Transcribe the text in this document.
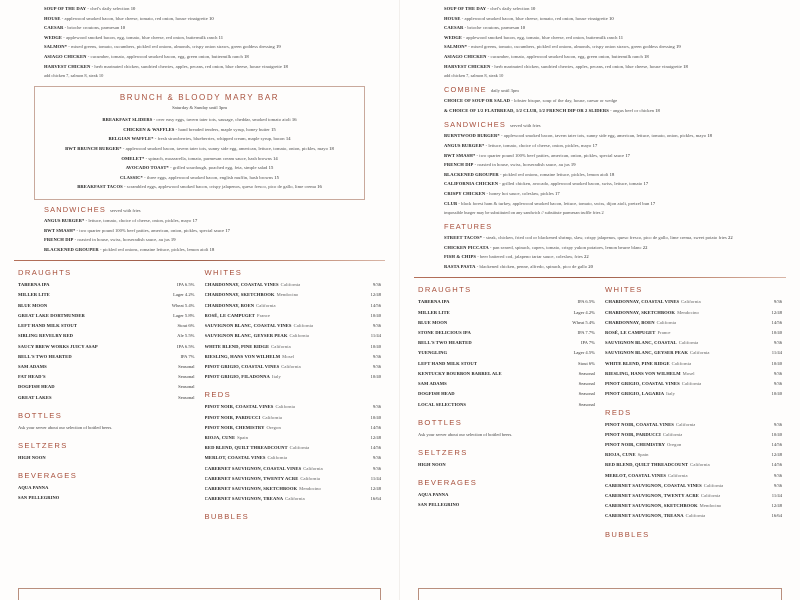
SOUP OF THE DAY - chef's daily selection 10
HOUSE - applewood smoked bacon, blue cheese, tomato, red onion, house vinaigrette 10
CAESAR - brioche croutons, parmesan 10
WEDGE - applewood smoked bacon, egg, tomato, blue cheese, red onion, buttermilk ranch 11
SALMON* - mixed greens, tomato, cucumbers, pickled red onions, almonds, crispy onion straws, green goddess dressing 19
ASIAGO CHICKEN - cucumber, tomato, applewood smoked bacon, egg, green onion, buttermilk ranch 18
HARVEST CHICKEN - herb marinated chicken, sundried cherries, apples, pecans, red onion, blue cheese, house vinaigrette 18
add chicken 7, salmon 8, steak 10
BRUNCH & BLOODY MARY BAR
Saturday & Sunday until 3pm
BREAKFAST SLIDERS - over easy eggs, tavern tater tots, sausage, cheddar, smoked tomato aioli 16
CHICKEN & WAFFLES - hand breaded tenders, maple syrup, honey butter 15
BELGIAN WAFFLE* - fresh strawberries, blueberries, whipped cream, maple syrup, bacon 14
BWT BRUNCH BURGER* - applewood smoked bacon, tavern tater tots, sunny side egg, american, lettuce, tomato, onion, pickles, mayo 18
OMELET* - spinach, mozzarella, tomato, parmesan cream sauce, hash browns 14
AVOCADO TOAST* - grilled sourdough, poached egg, feta, simple salad 15
CLASSIC* - three eggs, applewood smoked bacon, english muffin, hash browns 15
BREAKFAST TACOS - scrambled eggs, applewood smoked bacon, crispy jalapenos, queso fresco, pico de gallo, lime crema 16
SANDWICHES served with fries
ANGUS BURGER* - lettuce, tomato, choice of cheese, onion, pickles, mayo 17
BWT SMASH* - two quarter pound 100% beef patties, american, onion, pickles, special sauce 17
FRENCH DIP - roasted in house, swiss, horseradish sauce, au jus 19
BLACKENED GROUPER - pickled red onions, romaine lettuce, pickles, lemon aioli 18
DRAUGHTS
TABERNA IPA	IPA 6.5%
MILLER LITE	Lager 4.2%
BLUE MOON	Wheat 5.4%
GREAT LAKE DORTMUNDER	Lager 5.8%
LEFT HAND MILK STOUT	Stout 6%
SIBLING REVELRY RED	Ale 5.5%
SAUCY BREW WORKS JUICY ASAP	IPA 6.5%
BELL'S TWO HEARTED	IPA 7%
SAM ADAMS	Seasonal
FAT HEAD'S	Seasonal
DOGFISH HEAD	Seasonal
GREAT LAKES	Seasonal
BOTTLES
Ask your server about our selection of bottled beers.
SELTZERS
HIGH NOON
BEVERAGES
AQUA PANNA
SAN PELLEGRINO
WHITES
CHARDONNAY, COASTAL VINES California	9/36
CHARDONNAY, SKETCHBOOK Mendocino	12/48
CHARDONNAY, BOEN California	14/56
ROSÉ, LE CAMPUGET France	10/40
SAUVIGNON BLANC, COASTAL VINES California	9/36
SAUVIGNON BLANC, GEYSER PEAK California	11/44
WHITE BLEND, PINE RIDGE California	10/40
RIESLING, HANS VON WILHELM Mosel	9/36
PINOT GRIGIO, COASTAL VINES California	9/36
PINOT GRIGIO, FILADONNA Italy	10/40
REDS
PINOT NOIR, COASTAL VINES California	9/36
PINOT NOIR, PARDUCCI California	10/40
PINOT NOIR, CHEMISTRY Oregon	14/56
RIOJA, CUNE Spain	12/48
RED BLEND, QUILT THREADCOUNT California	14/56
MERLOT, COASTAL VINES California	9/36
CABERNET SAUVIGNON, COASTAL VINES California	9/36
CABERNET SAUVIGNON, TWENTY ACRE California	11/44
CABERNET SAUVIGNON, SKETCHBOOK Mendocino	12/48
CABERNET SAUVIGNON, TREANA California	16/64
BUBBLES
SOUP OF THE DAY - chef's daily selection 10
HOUSE - applewood smoked bacon, blue cheese, tomato, red onion, house vinaigrette 10
CAESAR - brioche croutons, parmesan 10
WEDGE - applewood smoked bacon, egg, tomato, blue cheese, red onion, buttermilk ranch 11
SALMON* - mixed greens, tomato, cucumbers, pickled red onions, almonds, crispy onion straws, green goddess dressing 19
ASIAGO CHICKEN - cucumber, tomato, applewood smoked bacon, egg, green onion, buttermilk ranch 18
HARVEST CHICKEN - herb marinated chicken, sundried cherries, apples, pecans, red onion, blue cheese, house vinaigrette 18
add chicken 7, salmon 8, steak 10
COMBINE daily until 3pm
CHOICE OF SOUP OR SALAD - lobster bisque, soup of the day, house, caesar or wedge
& CHOICE OF 1/2 FLATBREAD, 1/2 CLUB, 1/2 FRENCH DIP OR 2 SLIDERS - angus beef or chicken 18
SANDWICHES served with fries
BURNTWOOD BURGER* - applewood smoked bacon, tavern tater tots, sunny side egg, american, lettuce, tomato, onion, pickles, mayo 18
ANGUS BURGER* - lettuce, tomato, choice of cheese, onion, pickles, mayo 17
BWT SMASH* - two quarter pound 100% beef patties, american, onion, pickles, special sauce 17
FRENCH DIP - roasted in house, swiss, horseradish sauce, au jus 19
BLACKENED GROUPER - pickled red onions, romaine lettuce, pickles, lemon aioli 18
CALIFORNIA CHICKEN - grilled chicken, avocado, applewood smoked bacon, swiss, lettuce, tomato 17
CRISPY CHICKEN - honey hot sauce, coleslaw, pickles 17
CLUB - black forest ham & turkey, applewood smoked bacon, lettuce, tomato, swiss, dijon aioli, pretzel bun 17
impossible burger may be substituted on any sandwich // substitute parmesan truffle fries 2
FEATURES
STREET TACOS* - steak, chicken, fried cod or blackened shrimp, slaw, crispy jalapenos, queso fresco, pico de gallo, lime crema, sweet potato fries 22
CHICKEN PICCATA - pan seared, spinach, capers, tomato, crispy yukon potatoes, lemon beurre blanc 22
FISH & CHIPS - beer battered cod, jalapeno tartar sauce, coleslaw, fries 22
RASTA PASTA - blackened chicken, penne, alfredo, spinach, pico de gallo 20
DRAUGHTS
TABERNA IPA	IPA 6.5%
MILLER LITE	Lager 4.2%
BLUE MOON	Wheat 5.4%
STONE DELICIOUS IPA	IPA 7.7%
BELL'S TWO HEARTED	IPA 7%
YUENGLING	Lager 4.5%
LEFT HAND MILK STOUT	Stout 6%
KENTUCKY BOURBON BARREL ALE	Seasonal
SAM ADAMS	Seasonal
DOGFISH HEAD	Seasonal
LOCAL SELECTIONS	Seasonal
BOTTLES
Ask your server about our selection of bottled beers.
SELTZERS
HIGH NOON
BEVERAGES
AQUA PANNA
SAN PELLEGRINO
WHITES
CHARDONNAY, COASTAL VINES California	9/36
CHARDONNAY, SKETCHBOOK Mendocino	12/48
CHARDONNAY, BOEN California	14/56
ROSÉ, LE CAMPUGET France	10/40
SAUVIGNON BLANC, COASTAL California	9/36
SAUVIGNON BLANC, GEYSER PEAK California	11/44
WHITE BLEND, PINE RIDGE California	10/40
RIESLING, HANS VON WILHELM Mosel	9/36
PINOT GRIGIO, COASTAL VINES California	9/36
PINOT GRIGIO, LAGARIA Italy	10/40
REDS
PINOT NOIR, COASTAL VINES California	9/36
PINOT NOIR, PARDUCCI California	10/40
PINOT NOIR, CHEMISTRY Oregon	14/56
RIOJA, CUNE Spain	12/48
RED BLEND, QUILT THREADCOUNT California	14/56
MERLOT, COASTAL VINES California	9/36
CABERNET SAUVIGNON, COASTAL VINES California	9/36
CABERNET SAUVIGNON, TWENTY ACRE California	11/44
CABERNET SAUVIGNON, SKETCHBOOK Mendocino	12/48
CABERNET SAUVIGNON, TREANA California	16/64
BUBBLES
